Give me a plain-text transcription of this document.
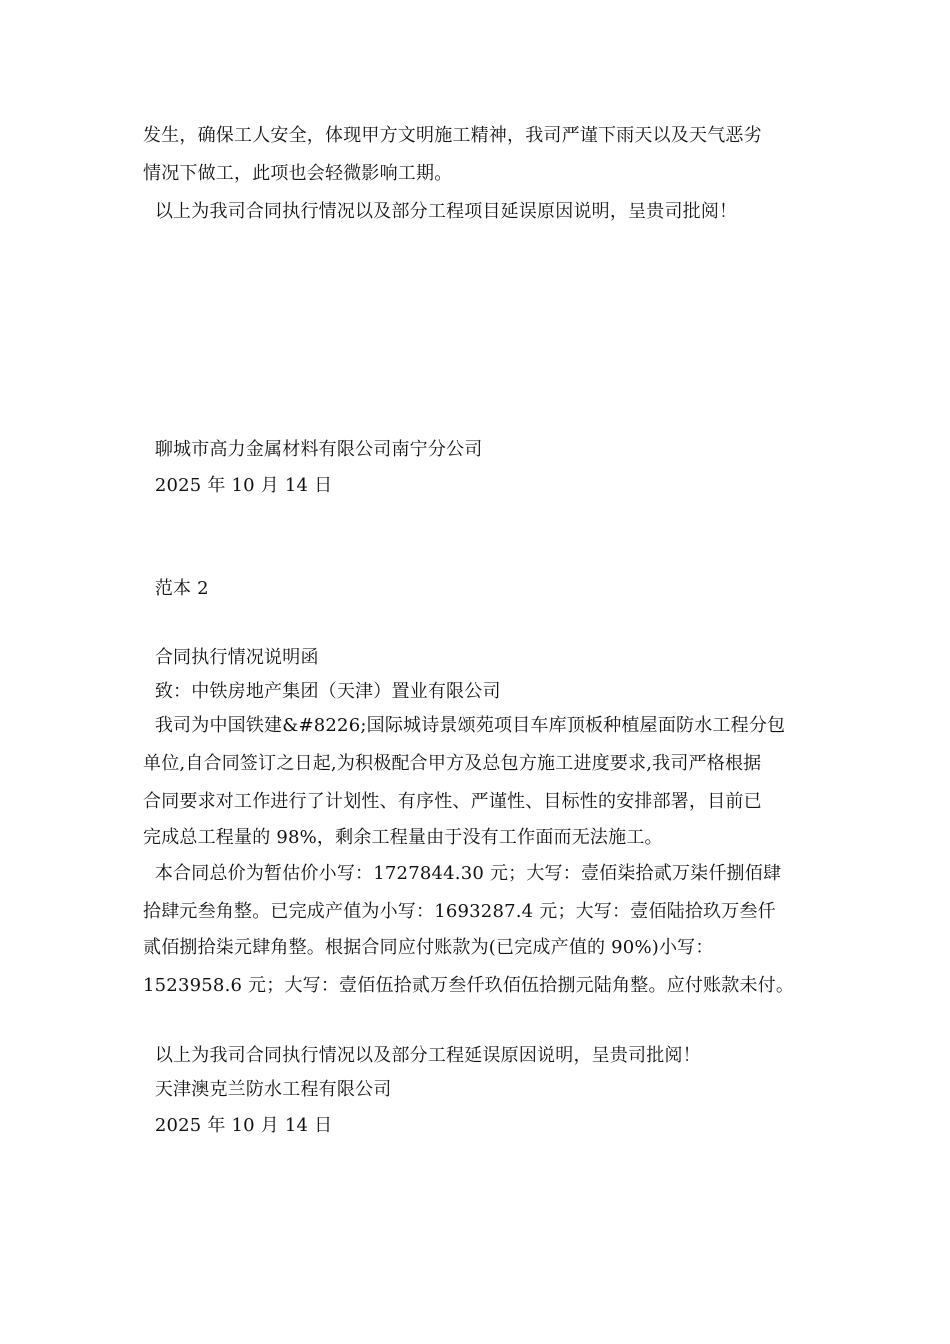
发生，确保工人安全，体现甲方文明施工精神，我司严谨下雨天以及天气恶劣
情况下做工，此项也会轻微影响工期。
以上为我司合同执行情况以及部分工程项目延误原因说明，呈贵司批阅！
聊城市高力金属材料有限公司南宁分公司
2025 年 10 月 14 日
范本 2
合同执行情况说明函
致：中铁房地产集团（天津）置业有限公司
我司为中国铁建&#8226;国际城诗景颂苑项目车库顶板种植屋面防水工程分包
单位,自合同签订之日起,为积极配合甲方及总包方施工进度要求,我司严格根据
合同要求对工作进行了计划性、有序性、严谨性、目标性的安排部署，目前已
完成总工程量的 98%，剩余工程量由于没有工作面而无法施工。
本合同总价为暂估价小写：1727844.30 元；大写：壹佰柒拾贰万柒仟捌佰肆
拾肆元叁角整。已完成产值为小写：1693287.4 元；大写：壹佰陆拾玖万叁仟
贰佰捌拾柒元肆角整。根据合同应付账款为(已完成产值的 90%)小写：
1523958.6 元；大写：壹佰伍拾贰万叁仟玖佰伍拾捌元陆角整。应付账款未付。
以上为我司合同执行情况以及部分工程延误原因说明，呈贵司批阅！
天津澳克兰防水工程有限公司
2025 年 10 月 14 日
